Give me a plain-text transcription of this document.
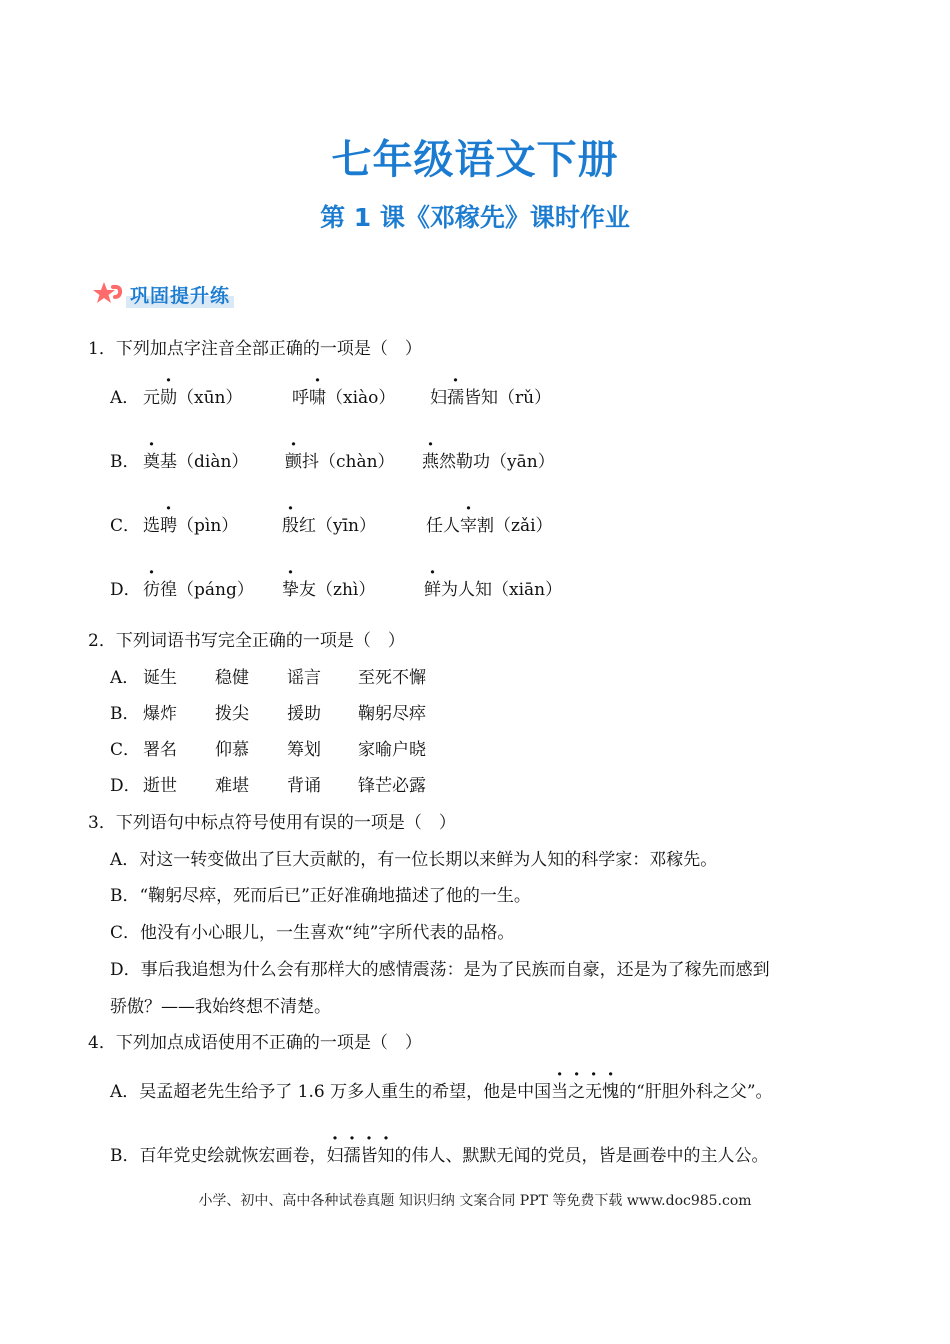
七年级语文下册
第 1 课《邓稼先》课时作业
巩固提升练
1．下列加点字注音全部正确的一项是（　）
A． 元勋（xūn）	呼啸（xiào） 妇孺皆知（rǔ）
B． 奠基（diàn） 颤抖（chàn） 燕然勒功（yān）
C． 选聘（pìn）	殷红（yīn）	任人宰割（zǎi）
D． 彷徨（páng） 挚友（zhì）	鲜为人知（xiān）
2．下列词语书写完全正确的一项是（　）
A． 诞生 稳健 谣言 至死不懈
B． 爆炸 拨尖 援助 鞠躬尽瘁
C． 署名 仰慕 筹划 家喻户晓
D． 逝世 难堪 背诵 锋芒必露
3．下列语句中标点符号使用有误的一项是（　）
A．对这一转变做出了巨大贡献的，有一位长期以来鲜为人知的科学家：邓稼先。
B．“鞠躬尽瘁，死而后已”正好准确地描述了他的一生。
C．他没有小心眼儿，一生喜欢“纯”字所代表的品格。
D．事后我追想为什么会有那样大的感情震荡：是为了民族而自豪，还是为了稼先而感到
骄傲？——我始终想不清楚。
4．下列加点成语使用不正确的一项是（　）
A．吴孟超老先生给予了 1.6 万多人重生的希望，他是中国当之无愧的“肝胆外科之父”。
B．百年党史绘就恢宏画卷，妇孺皆知的伟人、默默无闻的党员，皆是画卷中的主人公。
小学、初中、高中各种试卷真题 知识归纳 文案合同 PPT 等免费下载 www.doc985.com
